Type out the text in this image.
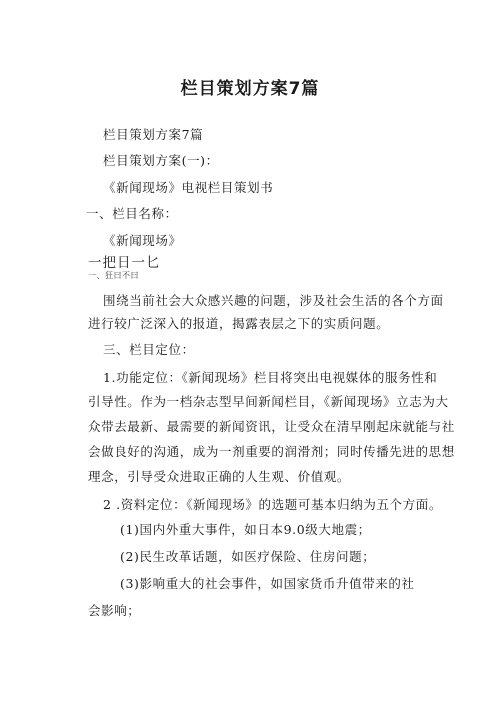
栏目策划方案7篇
栏目策划方案7篇
栏目策划方案(一)：
《新闻现场》电视栏目策划书
一、栏目名称：
《新闻现场》
一把日一匕
一、狂曰不曰
围绕当前社会大众感兴趣的问题，涉及社会生活的各个方面
进行较广泛深入的报道，揭露表层之下的实质问题。
三、栏目定位：
1.功能定位：《新闻现场》栏目将突出电视媒体的服务性和
引导性。作为一档杂志型早间新闻栏目，《新闻现场》立志为大
众带去最新、最需要的新闻资讯，让受众在清早刚起床就能与社
会做良好的沟通，成为一剂重要的润滑剂；同时传播先进的思想
理念，引导受众进取正确的人生观、价值观。
2 .资料定位：《新闻现场》的选题可基本归纳为五个方面。
(1)国内外重大事件，如日本9.0级大地震；
(2)民生改革话题，如医疗保险、住房问题；
(3)影响重大的社会事件，如国家货币升值带来的社
会影响；
